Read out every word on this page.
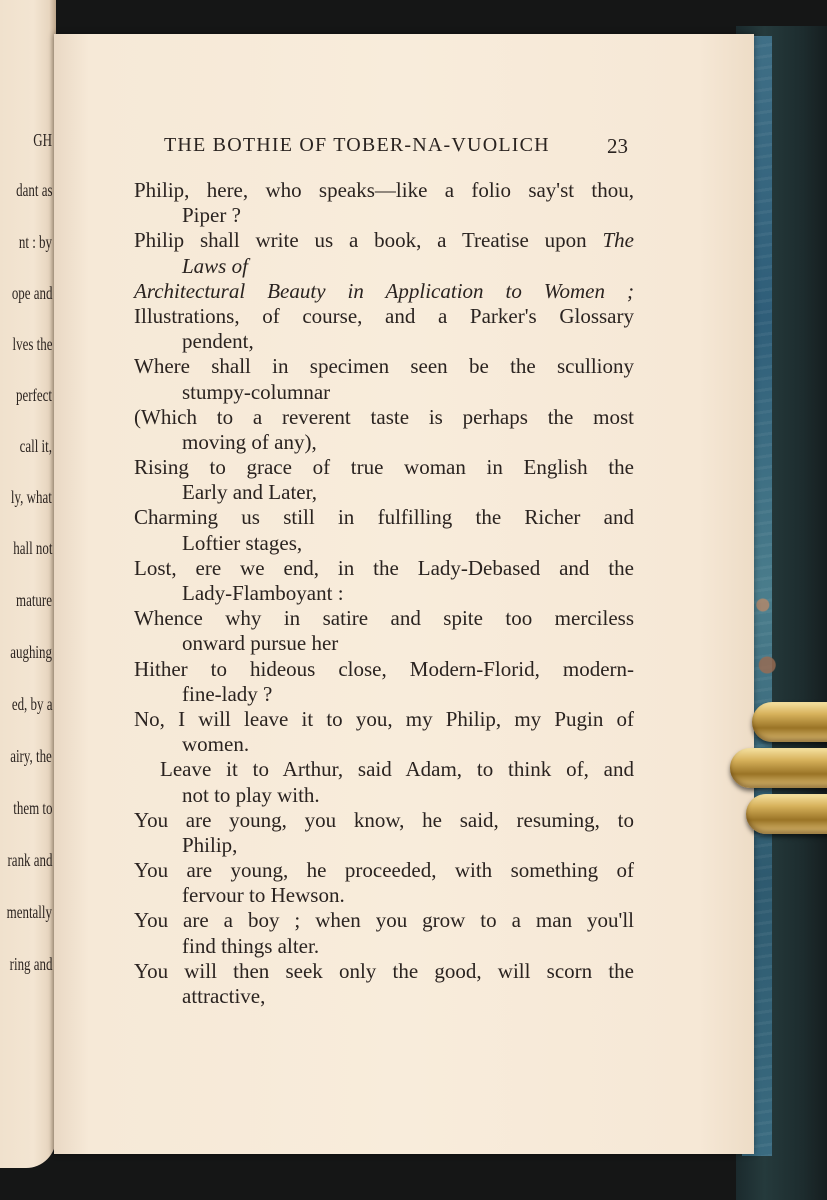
GH

dant as

nt : by

ope and

lves the

perfect

call it,

ly, what

hall not

mature

aughing

ed, by a

airy, the

them to

rank and

mentally

ring and

THE BOTHIE OF TOBER-NA-VUOLICH	23

Philip, here, who speaks—like a folio say'st thou,
Piper ?
Philip shall write us a book, a Treatise upon The
Laws of
Architectural Beauty in Application to Women ;
Illustrations, of course, and a Parker's Glossary
pendent,
Where shall in specimen seen be the sculliony
stumpy-columnar
(Which to a reverent taste is perhaps the most
moving of any),
Rising to grace of true woman in English the
Early and Later,
Charming us still in fulfilling the Richer and
Loftier stages,
Lost, ere we end, in the Lady-Debased and the
Lady-Flamboyant :
Whence why in satire and spite too merciless
onward pursue her
Hither to hideous close, Modern-Florid, modern-
fine-lady ?
No, I will leave it to you, my Philip, my Pugin of
women.
Leave it to Arthur, said Adam, to think of, and
not to play with.
You are young, you know, he said, resuming, to
Philip,
You are young, he proceeded, with something of
fervour to Hewson.
You are a boy ; when you grow to a man you'll
find things alter.
You will then seek only the good, will scorn the
attractive,
